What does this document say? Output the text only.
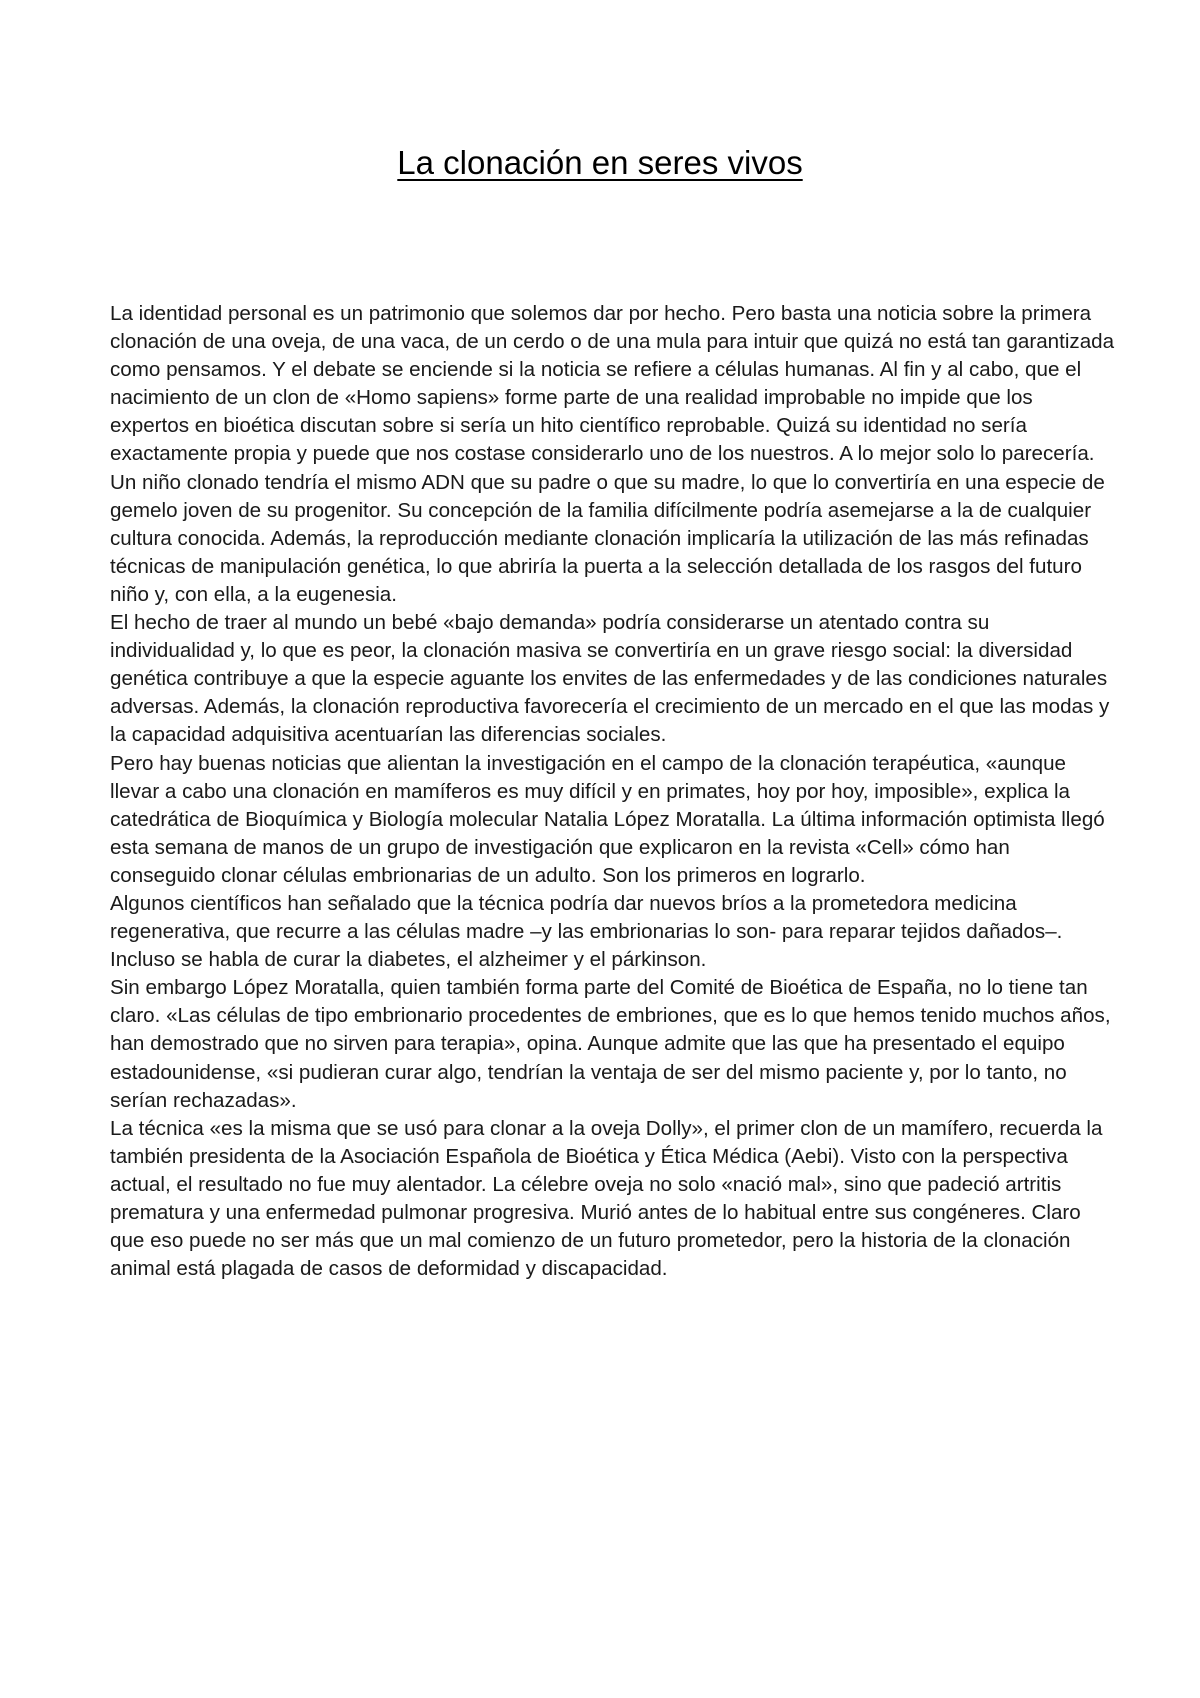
La clonación en seres vivos

La identidad personal es un patrimonio que solemos dar por hecho. Pero basta una noticia sobre la primera clonación de una oveja, de una vaca, de un cerdo o de una mula para intuir que quizá no está tan garantizada como pensamos. Y el debate se enciende si la noticia se refiere a células humanas. Al fin y al cabo, que el nacimiento de un clon de «Homo sapiens» forme parte de una realidad improbable no impide que los expertos en bioética discutan sobre si sería un hito científico reprobable. Quizá su identidad no sería exactamente propia y puede que nos costase considerarlo uno de los nuestros. A lo mejor solo lo parecería.

Un niño clonado tendría el mismo ADN que su padre o que su madre, lo que lo convertiría en una especie de gemelo joven de su progenitor. Su concepción de la familia difícilmente podría asemejarse a la de cualquier cultura conocida. Además, la reproducción mediante clonación implicaría la utilización de las más refinadas técnicas de manipulación genética, lo que abriría la puerta a la selección detallada de los rasgos del futuro niño y, con ella, a la eugenesia.

El hecho de traer al mundo un bebé «bajo demanda» podría considerarse un atentado contra su individualidad y, lo que es peor, la clonación masiva se convertiría en un grave riesgo social: la diversidad genética contribuye a que la especie aguante los envites de las enfermedades y de las condiciones naturales adversas. Además, la clonación reproductiva favorecería el crecimiento de un mercado en el que las modas y la capacidad adquisitiva acentuarían las diferencias sociales.

Pero hay buenas noticias que alientan la investigación en el campo de la clonación terapéutica, «aunque llevar a cabo una clonación en mamíferos es muy difícil y en primates, hoy por hoy, imposible», explica la catedrática de Bioquímica y Biología molecular Natalia López Moratalla. La última información optimista llegó esta semana de manos de un grupo de investigación que explicaron en la revista «Cell» cómo han conseguido clonar células embrionarias de un adulto. Son los primeros en lograrlo.

Algunos científicos han señalado que la técnica podría dar nuevos bríos a la prometedora medicina regenerativa, que recurre a las células madre –y las embrionarias lo son- para reparar tejidos dañados–. Incluso se habla de curar la diabetes, el alzheimer y el párkinson.

Sin embargo López Moratalla, quien también forma parte del Comité de Bioética de España, no lo tiene tan claro. «Las células de tipo embrionario procedentes de embriones, que es lo que hemos tenido muchos años, han demostrado que no sirven para terapia», opina. Aunque admite que las que ha presentado el equipo estadounidense, «si pudieran curar algo, tendrían la ventaja de ser del mismo paciente y, por lo tanto, no serían rechazadas».

La técnica «es la misma que se usó para clonar a la oveja Dolly», el primer clon de un mamífero, recuerda la también presidenta de la Asociación Española de Bioética y Ética Médica (Aebi). Visto con la perspectiva actual, el resultado no fue muy alentador. La célebre oveja no solo «nació mal», sino que padeció artritis prematura y una enfermedad pulmonar progresiva. Murió antes de lo habitual entre sus congéneres. Claro que eso puede no ser más que un mal comienzo de un futuro prometedor, pero la historia de la clonación animal está plagada de casos de deformidad y discapacidad.
